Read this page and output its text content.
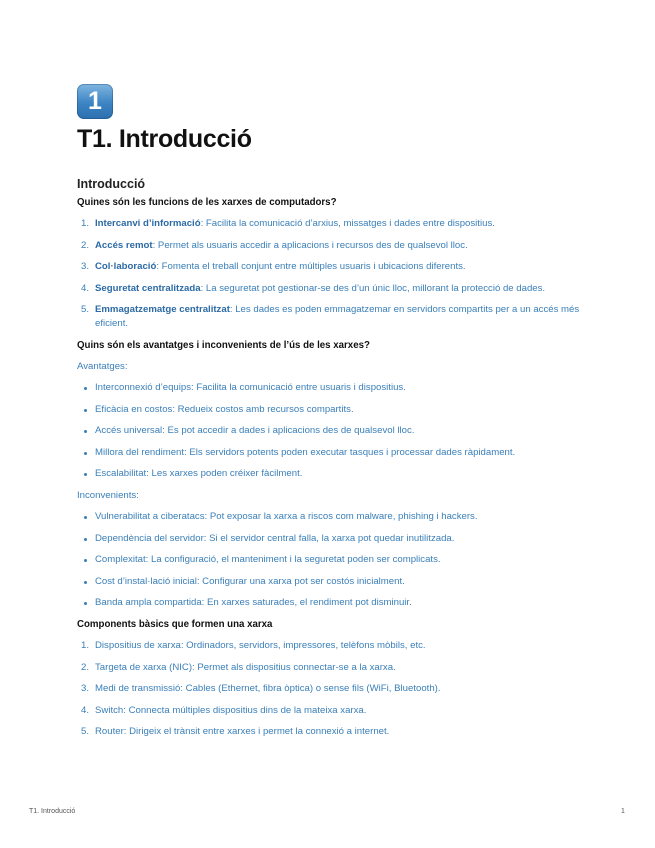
1
T1. Introducció
Introducció

Quines són les funcions de les xarxes de computadors?

1. Intercanvi d’informació: Facilita la comunicació d’arxius, missatges i dades entre dispositius.
2. Accés remot: Permet als usuaris accedir a aplicacions i recursos des de qualsevol lloc.
3. Col·laboració: Fomenta el treball conjunt entre múltiples usuaris i ubicacions diferents.
4. Seguretat centralitzada: La seguretat pot gestionar-se des d’un únic lloc, millorant la protecció de dades.
5. Emmagatzematge centralitzat: Les dades es poden emmagatzemar en servidors compartits per a un accés més eficient.

Quins són els avantatges i inconvenients de l’ús de les xarxes?

Avantatges:

Interconnexió d’equips: Facilita la comunicació entre usuaris i dispositius.
Eficàcia en costos: Redueix costos amb recursos compartits.
Accés universal: Es pot accedir a dades i aplicacions des de qualsevol lloc.
Millora del rendiment: Els servidors potents poden executar tasques i processar dades ràpidament.
Escalabilitat: Les xarxes poden créixer fàcilment.

Inconvenients:

Vulnerabilitat a ciberatacs: Pot exposar la xarxa a riscos com malware, phishing i hackers.
Dependència del servidor: Si el servidor central falla, la xarxa pot quedar inutilitzada.
Complexitat: La configuració, el manteniment i la seguretat poden ser complicats.
Cost d’instal·lació inicial: Configurar una xarxa pot ser costós inicialment.
Banda ampla compartida: En xarxes saturades, el rendiment pot disminuir.

Components bàsics que formen una xarxa

1. Dispositius de xarxa: Ordinadors, servidors, impressores, telèfons mòbils, etc.
2. Targeta de xarxa (NIC): Permet als dispositius connectar-se a la xarxa.
3. Medi de transmissió: Cables (Ethernet, fibra òptica) o sense fils (WiFi, Bluetooth).
4. Switch: Connecta múltiples dispositius dins de la mateixa xarxa.
5. Router: Dirigeix el trànsit entre xarxes i permet la connexió a internet.
T1. Introducció	1
